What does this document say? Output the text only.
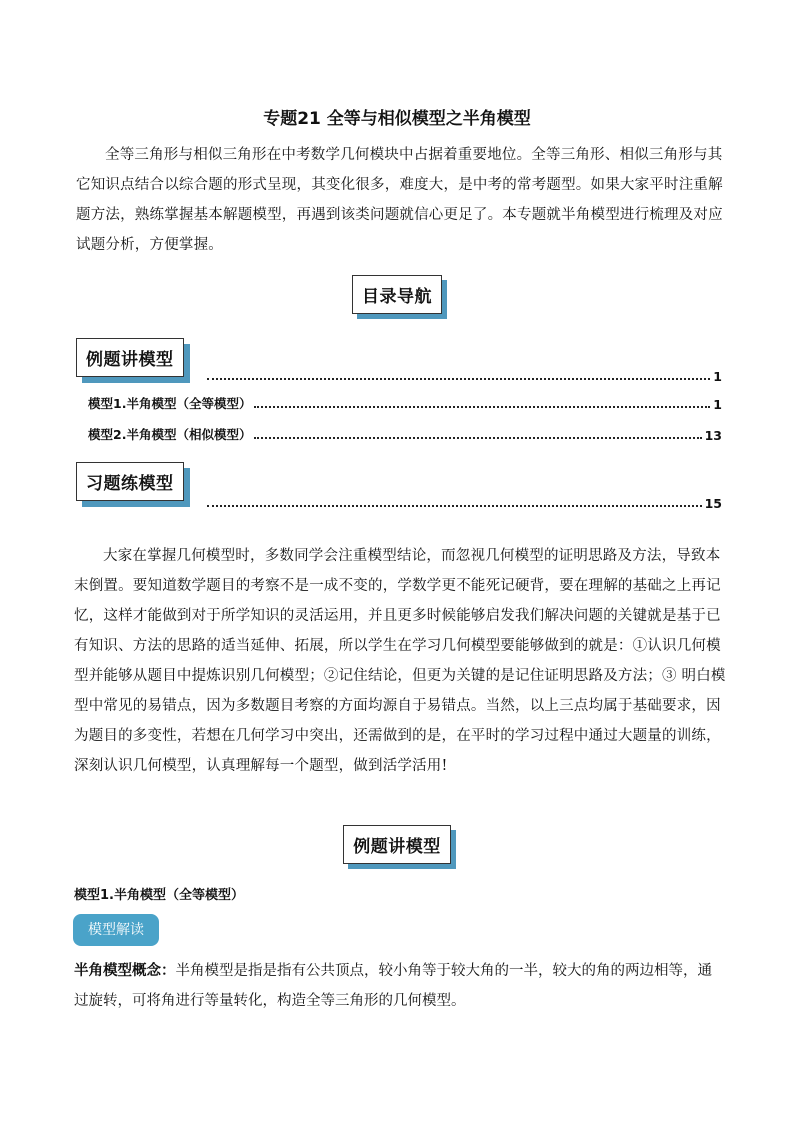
专题21 全等与相似模型之半角模型
全等三角形与相似三角形在中考数学几何模块中占据着重要地位。全等三角形、相似三角形与其它知识点结合以综合题的形式呈现，其变化很多，难度大，是中考的常考题型。如果大家平时注重解题方法，熟练掌握基本解题模型，再遇到该类问题就信心更足了。本专题就半角模型进行梳理及对应试题分析，方便掌握。
目录导航
例题讲模型
1
模型1.半角模型（全等模型）	1
模型2.半角模型（相似模型）	13
习题练模型
15
大家在掌握几何模型时，多数同学会注重模型结论，而忽视几何模型的证明思路及方法，导致本末倒置。要知道数学题目的考察不是一成不变的，学数学更不能死记硬背，要在理解的基础之上再记忆，这样才能做到对于所学知识的灵活运用，并且更多时候能够启发我们解决问题的关键就是基于已有知识、方法的思路的适当延伸、拓展，所以学生在学习几何模型要能够做到的就是：①认识几何模型并能够从题目中提炼识别几何模型；②记住结论，但更为关键的是记住证明思路及方法；③ 明白模型中常见的易错点，因为多数题目考察的方面均源自于易错点。当然，以上三点均属于基础要求，因为题目的多变性，若想在几何学习中突出，还需做到的是，在平时的学习过程中通过大题量的训练，深刻认识几何模型，认真理解每一个题型，做到活学活用!
例题讲模型
模型1.半角模型（全等模型）
模型解读
半角模型概念：半角模型是指是指有公共顶点，较小角等于较大角的一半，较大的角的两边相等，通过旋转，可将角进行等量转化，构造全等三角形的几何模型。
